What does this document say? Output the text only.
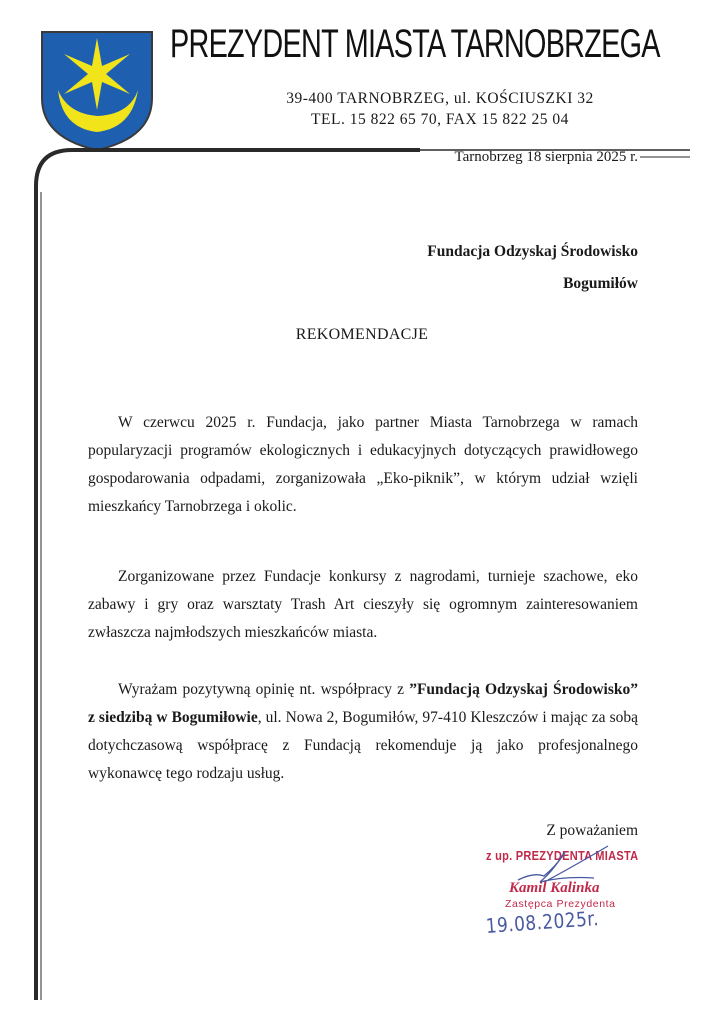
PREZYDENT MIASTA TARNOBRZEGA
39-400 TARNOBRZEG, ul. KOŚCIUSZKI 32
TEL. 15 822 65 70, FAX 15 822 25 04
Tarnobrzeg 18 sierpnia 2025 r.
Fundacja Odzyskaj Środowisko
Bogumiłów
REKOMENDACJE
W czerwcu 2025 r. Fundacja, jako partner Miasta Tarnobrzega w ramach popularyzacji programów ekologicznych i edukacyjnych dotyczących prawidłowego gospodarowania odpadami, zorganizowała „Eko-piknik”, w którym udział wzięli mieszkańcy Tarnobrzega i okolic.
Zorganizowane przez Fundacje konkursy z nagrodami, turnieje szachowe, eko zabawy i gry oraz warsztaty Trash Art cieszyły się ogromnym zainteresowaniem zwłaszcza najmłodszych mieszkańców miasta.
Wyrażam pozytywną opinię nt. współpracy z ”Fundacją Odzyskaj Środowisko” z siedzibą w Bogumiłowie, ul. Nowa 2, Bogumiłów, 97-410 Kleszczów i mając za sobą dotychczasową współpracę z Fundacją rekomenduje ją jako profesjonalnego wykonawcę tego rodzaju usług.
Z poważaniem
z up. PREZYDENTA MIASTA
Kamil Kalinka
Zastępca Prezydenta
19.08.2025r.
